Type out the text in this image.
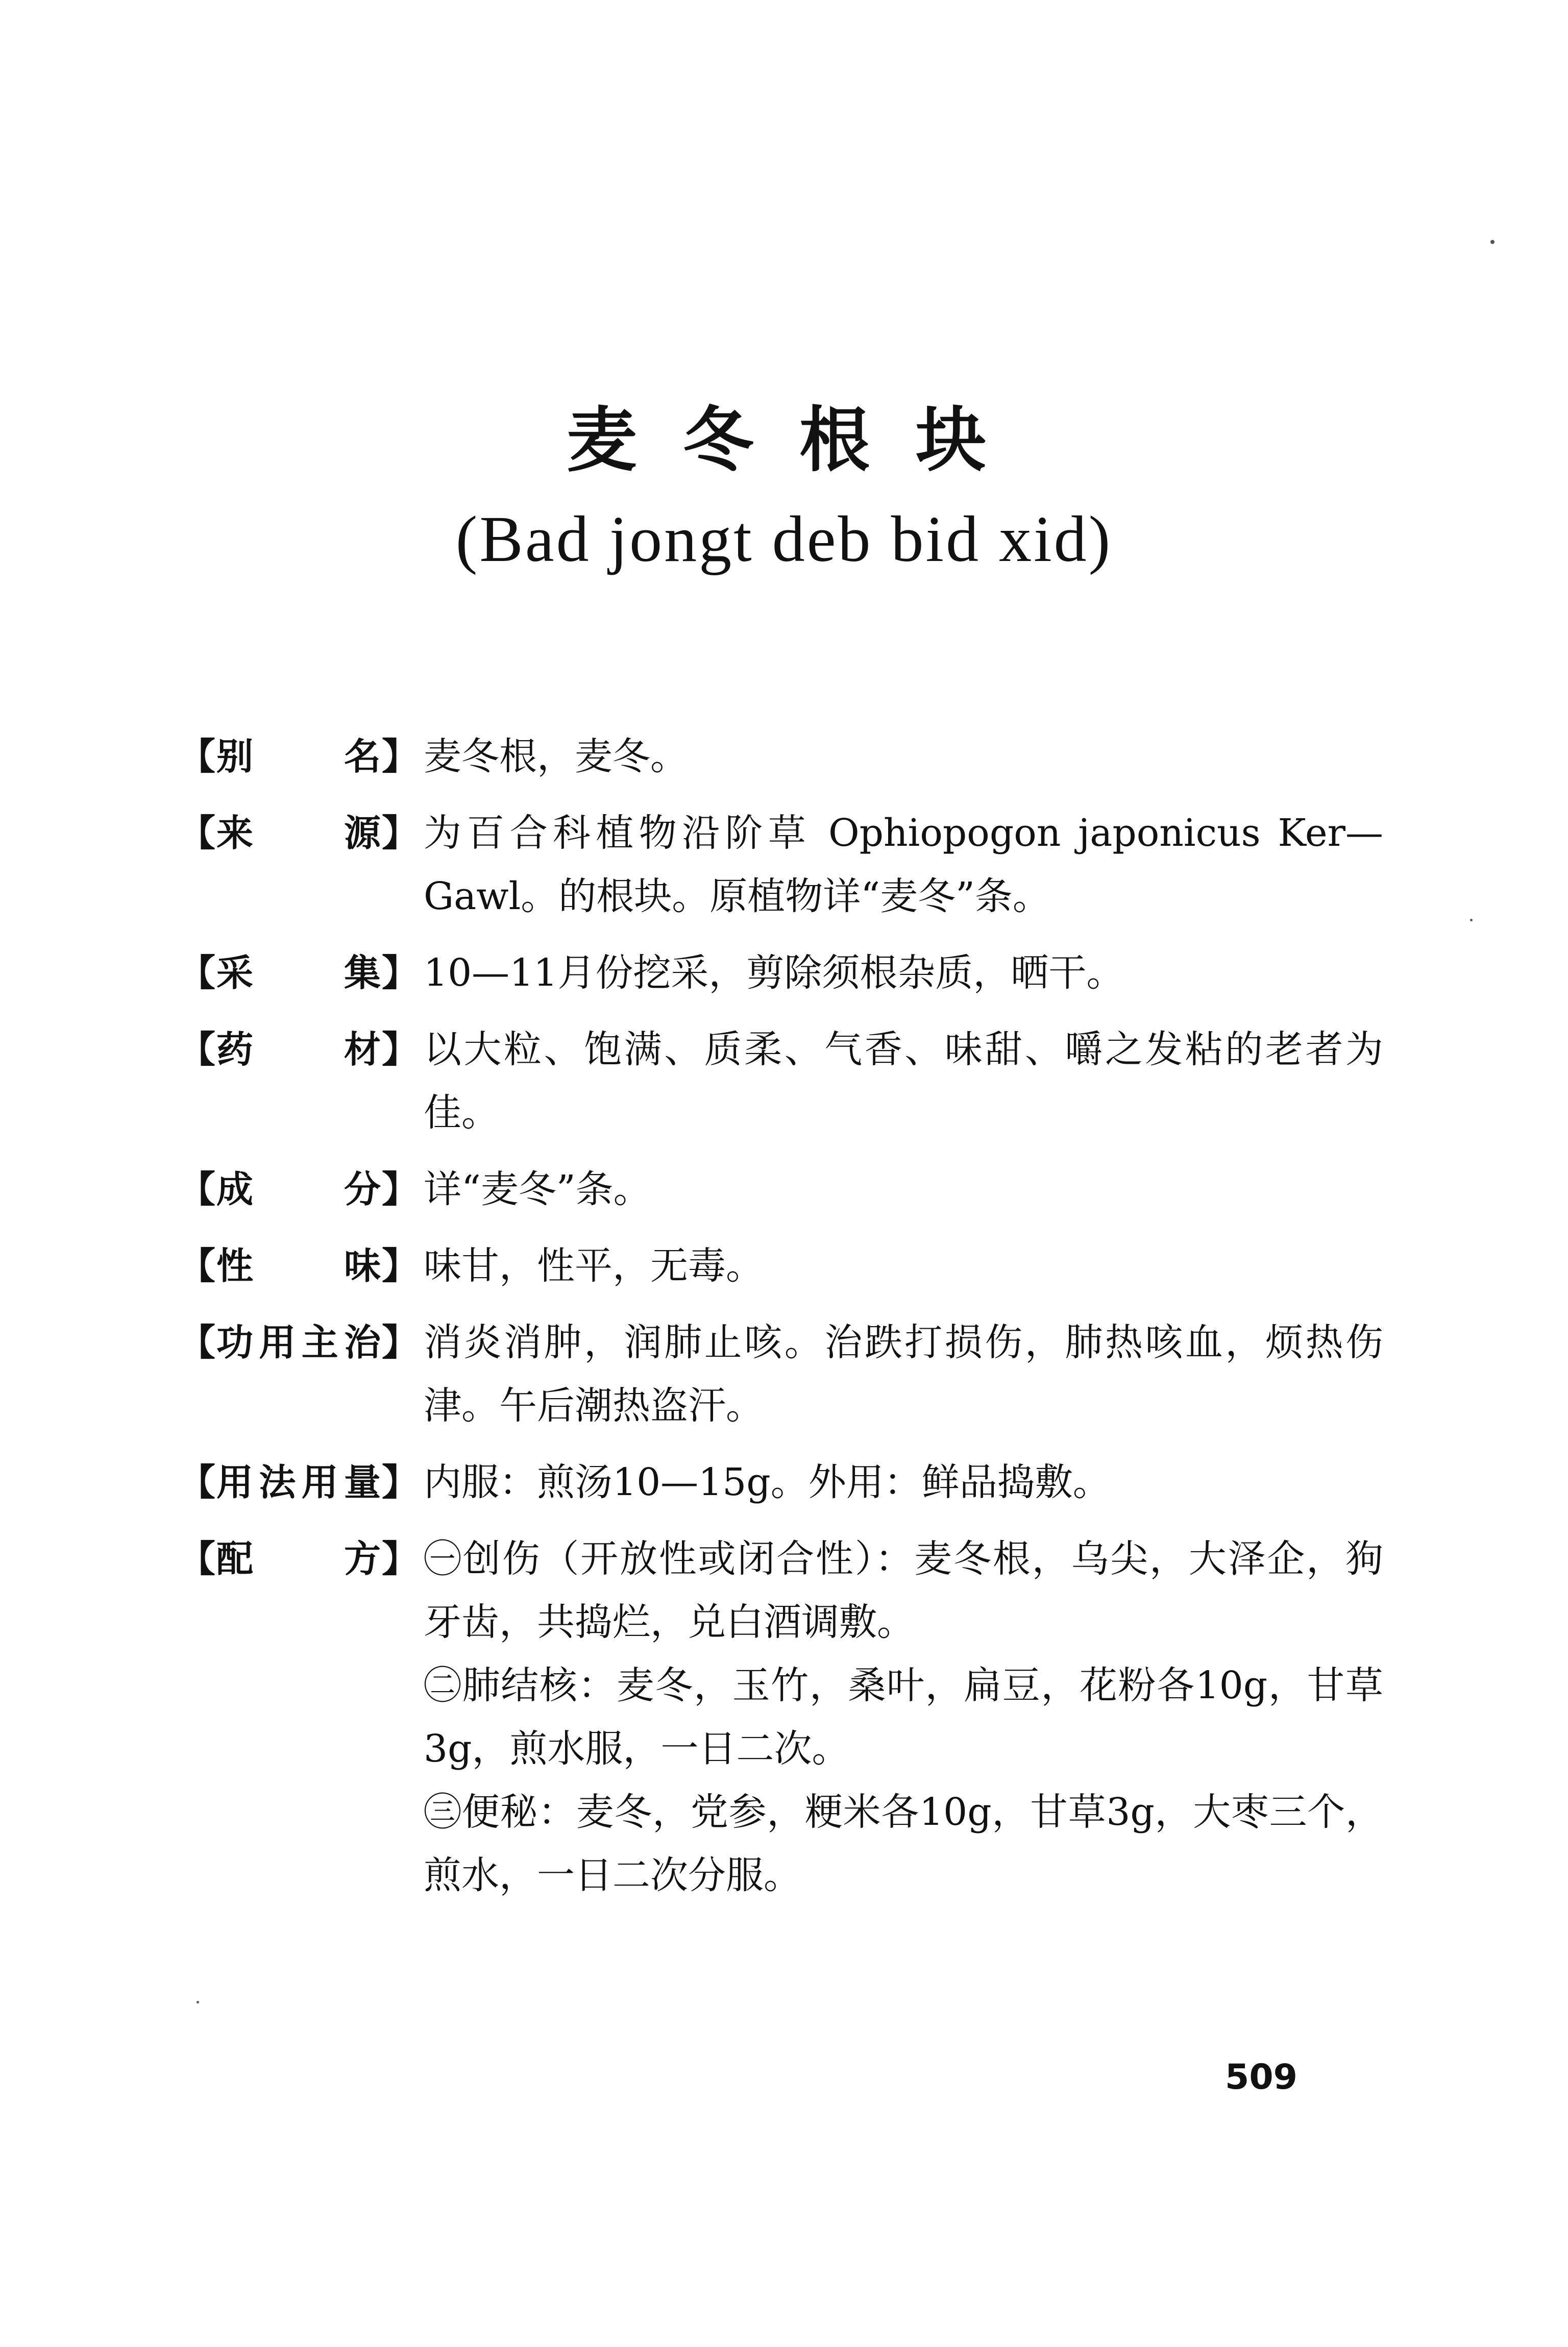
麦冬根块
(Bad jongt deb bid xid)
【 别名 】 麦冬根，麦冬。
【 来源 】 为百合科植物沿阶草 Ophiopogon japonicus Ker—Gawl。的根块。原植物详“麦冬”条。
【 采集 】 10—11月份挖采，剪除须根杂质，晒干。
【 药材 】 以大粒、饱满、质柔、气香、味甜、嚼之发粘的老者为佳。
【 成分 】 详“麦冬”条。
【 性味 】 味甘，性平，无毒。
【 功用主治 】 消炎消肿，润肺止咳。治跌打损伤，肺热咳血，烦热伤津。午后潮热盗汗。
【 用法用量 】 内服：煎汤10—15g。外用：鲜品捣敷。
【 配方 】 ㊀创伤（开放性或闭合性）：麦冬根，乌尖，大泽企，狗牙齿，共捣烂，兑白酒调敷。
㊁肺结核：麦冬，玉竹，桑叶，扁豆，花粉各10g，甘草3g，煎水服，一日二次。
㊂便秘：麦冬，党参，粳米各10g，甘草3g，大枣三个，煎水，一日二次分服。
509
